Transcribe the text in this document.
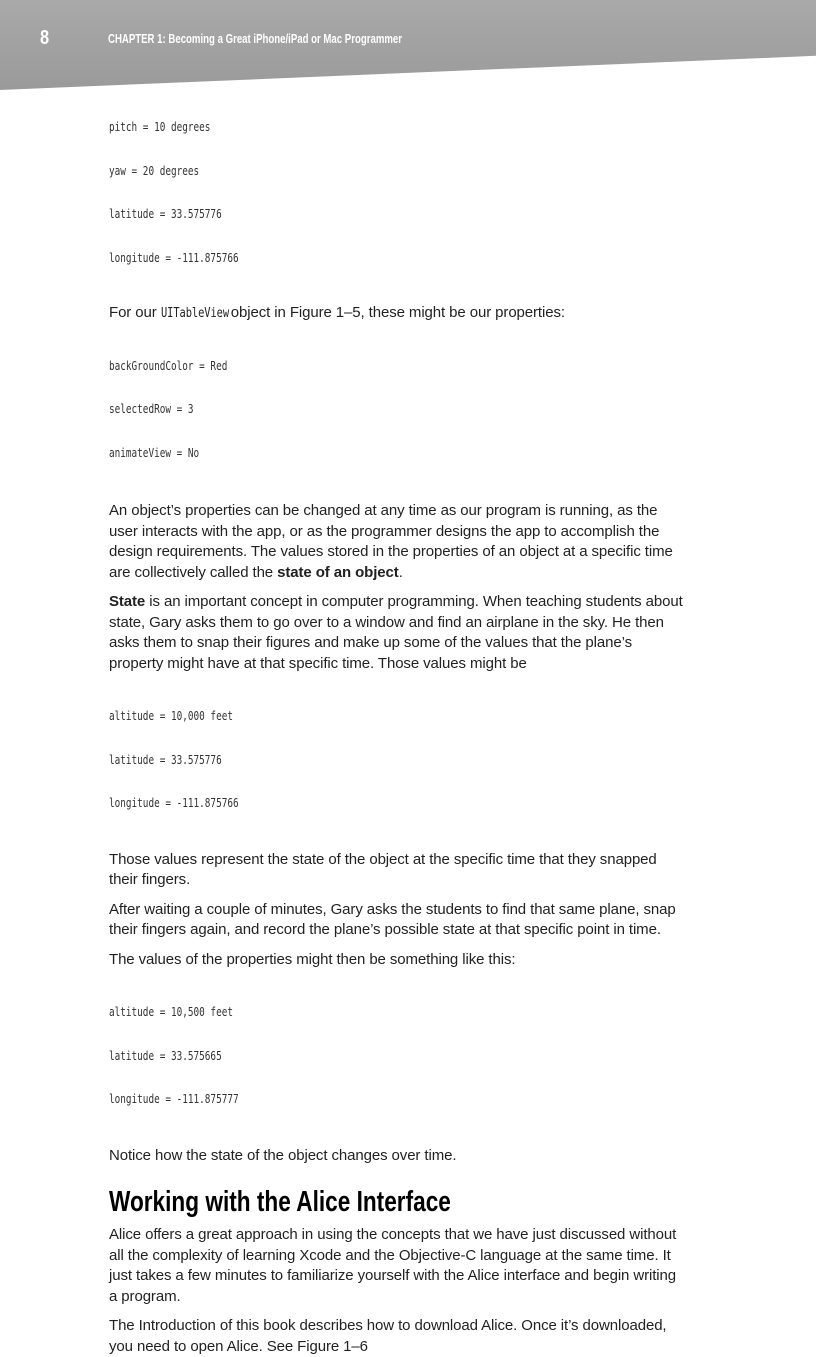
8	CHAPTER 1: Becoming a Great iPhone/iPad or Mac Programmer

pitch = 10 degrees

yaw = 20 degrees

latitude = 33.575776

longitude = -111.875766

For our UITableView object in Figure 1–5, these might be our properties:

backGroundColor = Red

selectedRow = 3

animateView = No

An object’s properties can be changed at any time as our program is running, as the
user interacts with the app, or as the programmer designs the app to accomplish the
design requirements. The values stored in the properties of an object at a specific time
are collectively called the state of an object.

State is an important concept in computer programming. When teaching students about
state, Gary asks them to go over to a window and find an airplane in the sky. He then
asks them to snap their figures and make up some of the values that the plane’s
property might have at that specific time. Those values might be

altitude = 10,000 feet

latitude = 33.575776

longitude = -111.875766

Those values represent the state of the object at the specific time that they snapped
their fingers.

After waiting a couple of minutes, Gary asks the students to find that same plane, snap
their fingers again, and record the plane’s possible state at that specific point in time.

The values of the properties might then be something like this:

altitude = 10,500 feet

latitude = 33.575665

longitude = -111.875777

Notice how the state of the object changes over time.

Working with the Alice Interface

Alice offers a great approach in using the concepts that we have just discussed without
all the complexity of learning Xcode and the Objective-C language at the same time. It
just takes a few minutes to familiarize yourself with the Alice interface and begin writing
a program.

The Introduction of this book describes how to download Alice. Once it’s downloaded,
you need to open Alice. See Figure 1–6
